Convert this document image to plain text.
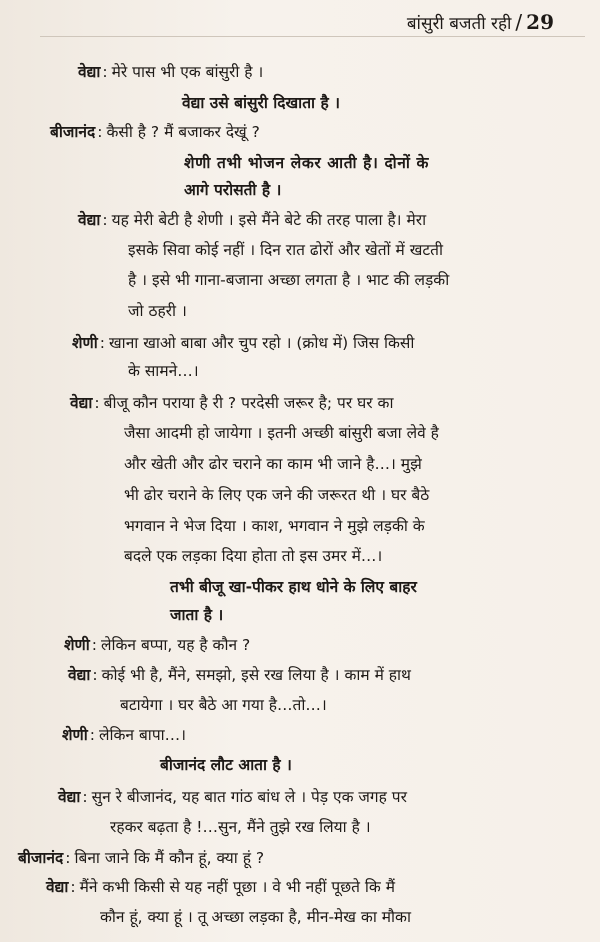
बांसुरी बजती रही / 29
वेद्या : मेरे पास भी एक बांसुरी है ।
वेद्या उसे बांसुरी दिखाता है ।
बीजानंद : कैसी है ? मैं बजाकर देखूं ?
शेणी तभी भोजन लेकर आती है। दोनों के
आगे परोसती है ।
वेद्या : यह मेरी बेटी है शेणी । इसे मैंने बेटे की तरह पाला है। मेरा
इसके सिवा कोई नहीं । दिन रात ढोरों और खेतों में खटती
है । इसे भी गाना-बजाना अच्छा लगता है । भाट की लड़की
जो ठहरी ।
शेणी : खाना खाओ बाबा और चुप रहो । (क्रोध में) जिस किसी
के सामने…।
वेद्या : बीजू कौन पराया है री ? परदेसी जरूर है; पर घर का
जैसा आदमी हो जायेगा । इतनी अच्छी बांसुरी बजा लेवे है
और खेती और ढोर चराने का काम भी जाने है…। मुझे
भी ढोर चराने के लिए एक जने की जरूरत थी । घर बैठे
भगवान ने भेज दिया । काश, भगवान ने मुझे लड़की के
बदले एक लड़का दिया होता तो इस उमर में…।
तभी बीजू खा-पीकर हाथ धोने के लिए बाहर
जाता है ।
शेणी : लेकिन बप्पा, यह है कौन ?
वेद्या : कोई भी है, मैंने, समझो, इसे रख लिया है । काम में हाथ
बटायेगा । घर बैठे आ गया है…तो…।
शेणी : लेकिन बापा…।
बीजानंद लौट आता है ।
वेद्या : सुन रे बीजानंद, यह बात गांठ बांध ले । पेड़ एक जगह पर
रहकर बढ़ता है !…सुन, मैंने तुझे रख लिया है ।
बीजानंद : बिना जाने कि मैं कौन हूं, क्या हूं ?
वेद्या : मैंने कभी किसी से यह नहीं पूछा । वे भी नहीं पूछते कि मैं
कौन हूं, क्या हूं । तू अच्छा लड़का है, मीन-मेख का मौका
